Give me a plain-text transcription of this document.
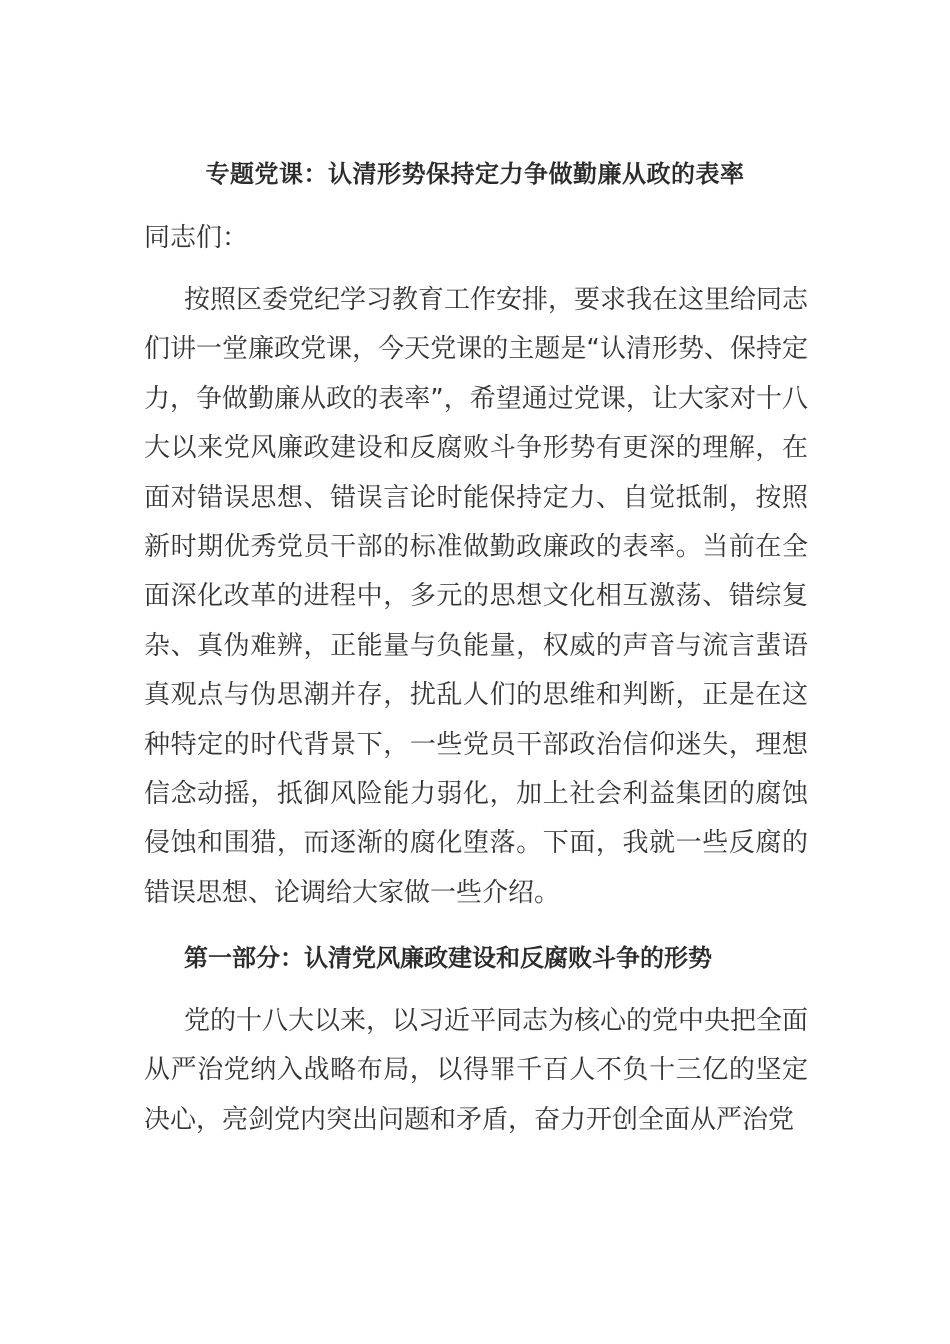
专题党课：认清形势保持定力争做勤廉从政的表率
同志们：

按照区委党纪学习教育工作安排，要求我在这里给同志们讲一堂廉政党课，今天党课的主题是“认清形势、保持定力，争做勤廉从政的表率”，希望通过党课，让大家对十八大以来党风廉政建设和反腐败斗争形势有更深的理解，在面对错误思想、错误言论时能保持定力、自觉抵制，按照新时期优秀党员干部的标准做勤政廉政的表率。当前在全面深化改革的进程中，多元的思想文化相互激荡、错综复杂、真伪难辨，正能量与负能量，权威的声音与流言蜚语真观点与伪思潮并存，扰乱人们的思维和判断，正是在这种特定的时代背景下，一些党员干部政治信仰迷失，理想信念动摇，抵御风险能力弱化，加上社会利益集团的腐蚀侵蚀和围猎，而逐渐的腐化堕落。下面，我就一些反腐的错误思想、论调给大家做一些介绍。

第一部分：认清党风廉政建设和反腐败斗争的形势

党的十八大以来，以习近平同志为核心的党中央把全面从严治党纳入战略布局，以得罪千百人不负十三亿的坚定决心，亮剑党内突出问题和矛盾，奋力开创全面从严治党
